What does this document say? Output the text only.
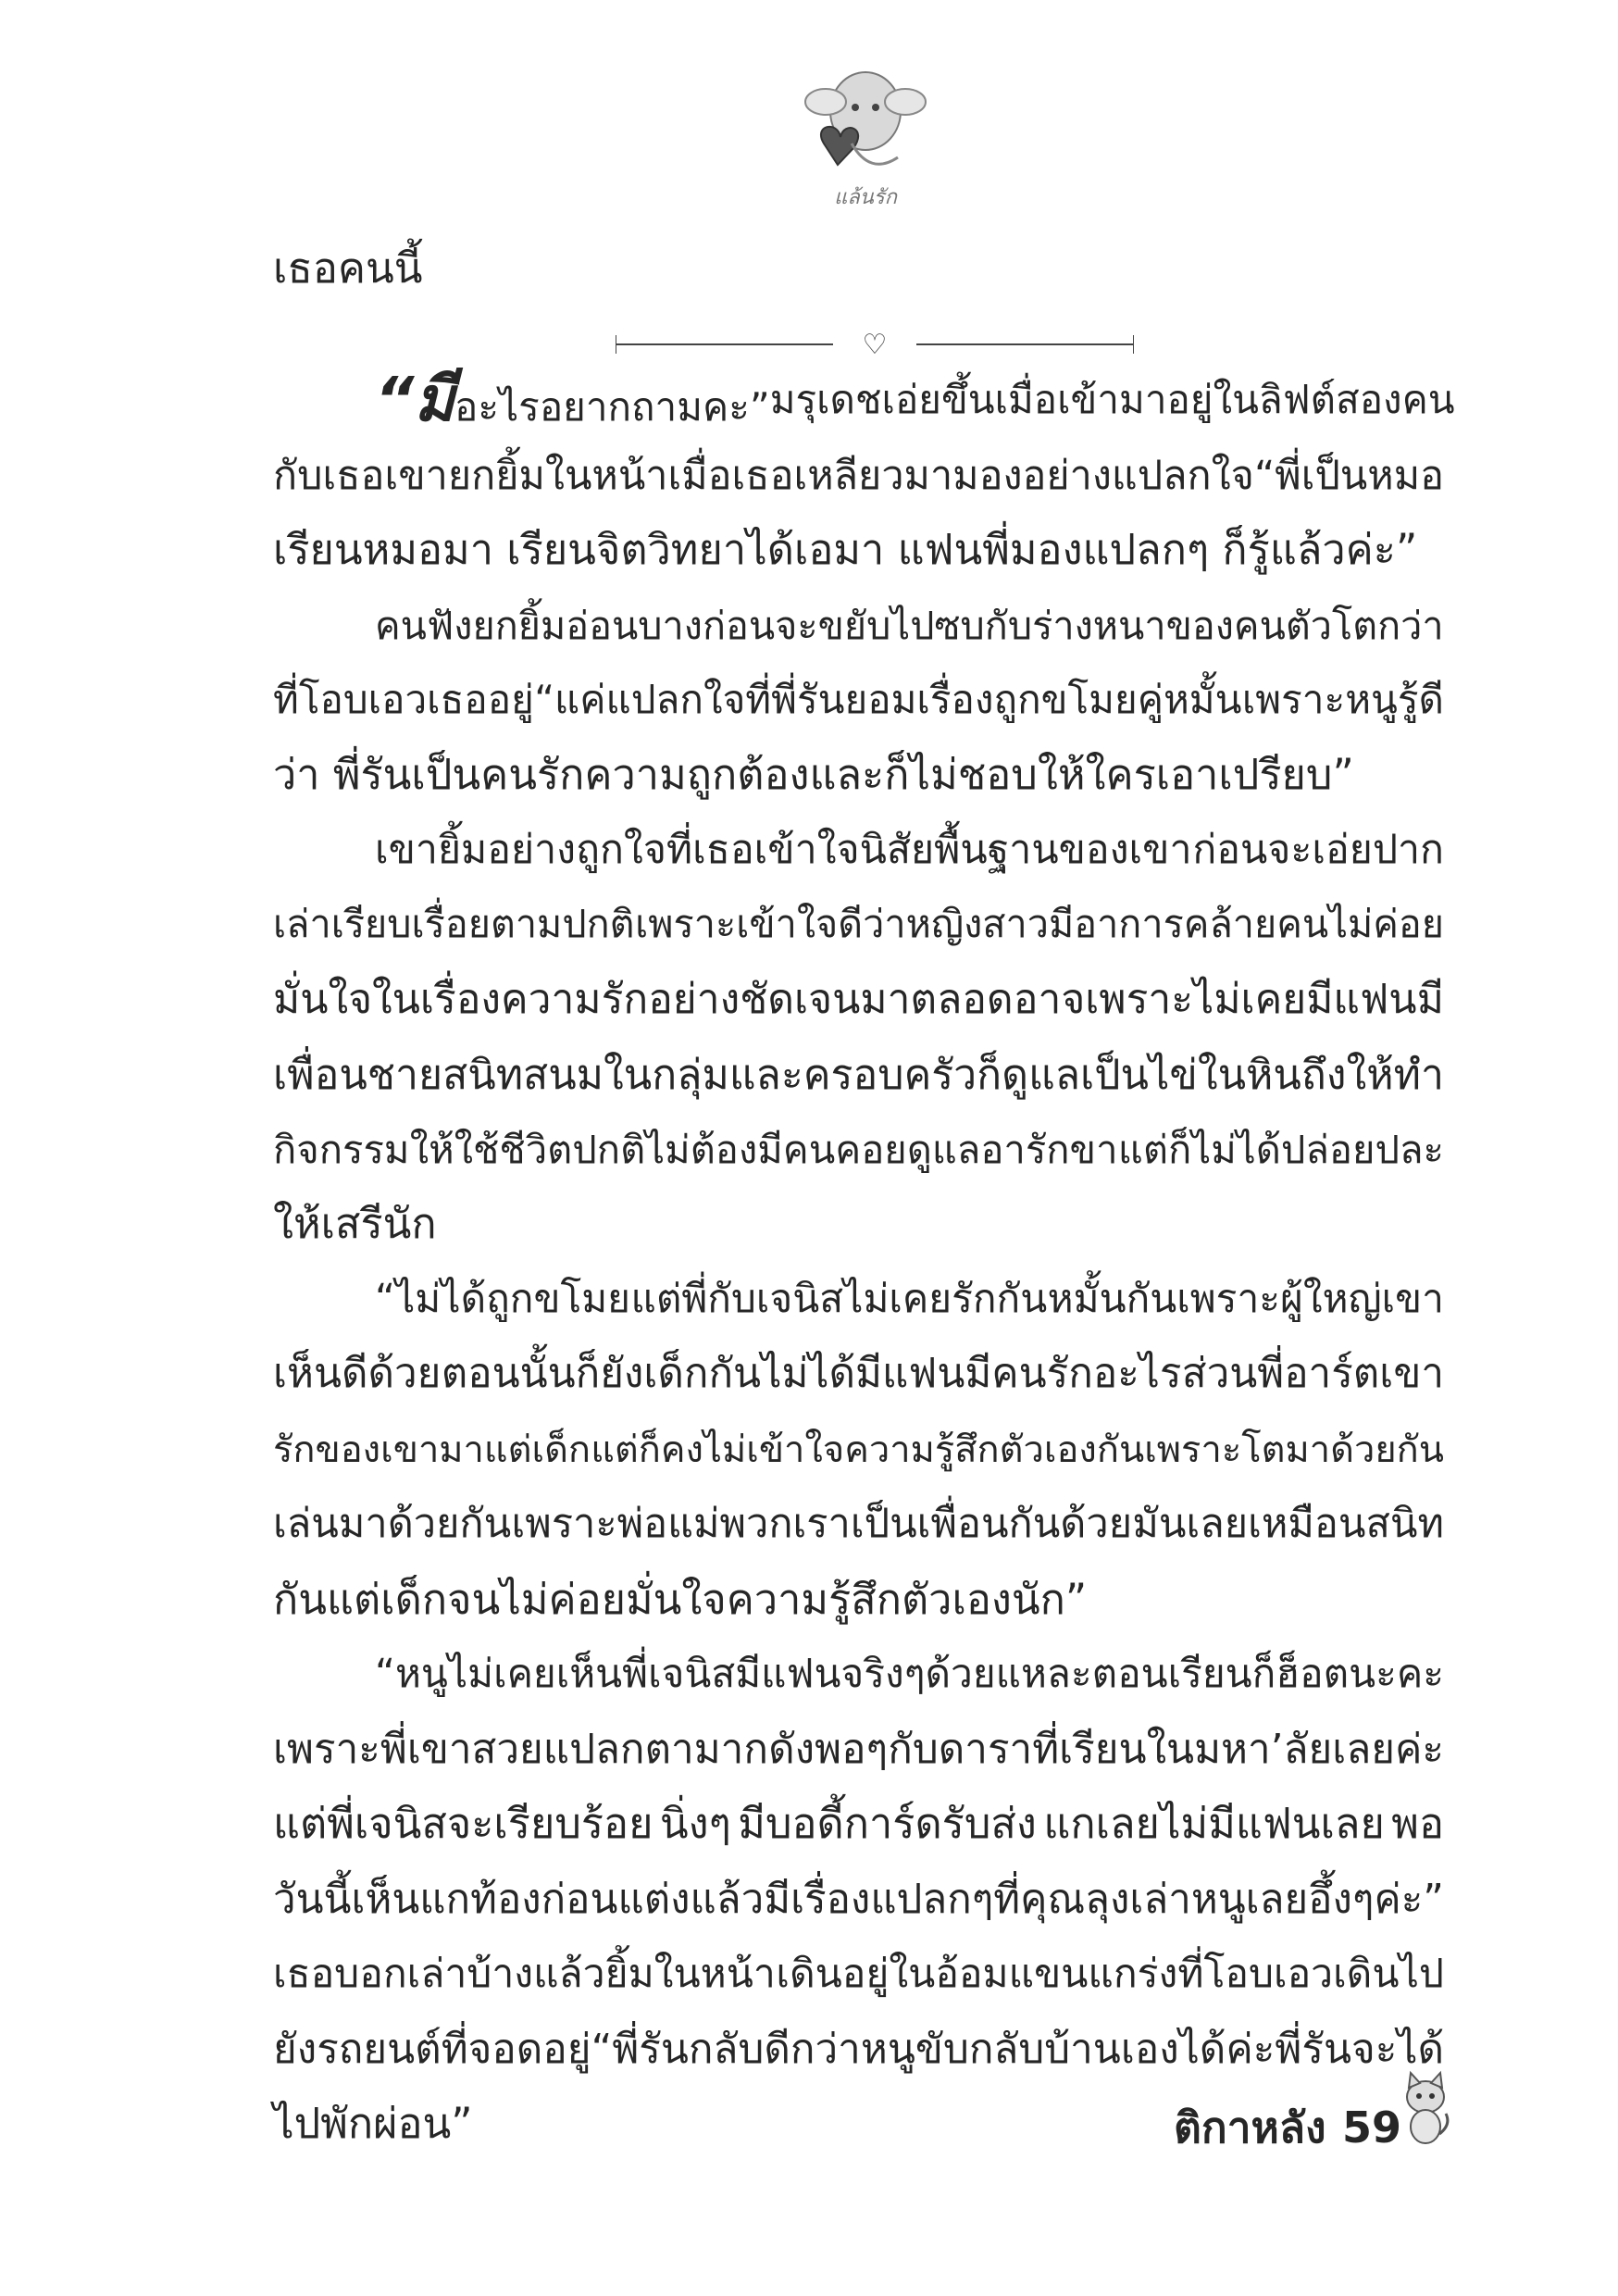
แล้นรัก
เธอคนนี้
♡
“มี อะไรอยากถามคะ” มรุเดชเอ่ยขึ้นเมื่อเข้ามาอยู่ในลิฟต์สองคน
กับเธอ เขายกยิ้มในหน้าเมื่อเธอเหลียวมามองอย่างแปลกใจ “พี่เป็นหมอ
เรียนหมอมา เรียนจิตวิทยาได้เอมา แฟนพี่มองแปลกๆ ก็รู้แล้วค่ะ”
คนฟังยกยิ้มอ่อนบางก่อนจะขยับไปซบกับร่างหนาของคนตัวโตกว่า
ที่โอบเอวเธออยู่ “แค่แปลกใจที่พี่รันยอมเรื่องถูกขโมยคู่หมั้น เพราะหนูรู้ดี
ว่า พี่รันเป็นคนรักความถูกต้องและก็ไม่ชอบให้ใครเอาเปรียบ”
เขายิ้มอย่างถูกใจที่เธอเข้าใจนิสัยพื้นฐานของเขา ก่อนจะเอ่ยปาก
เล่าเรียบเรื่อยตามปกติ เพราะเข้าใจดีว่าหญิงสาวมีอาการคล้ายคนไม่ค่อย
มั่นใจในเรื่องความรักอย่างชัดเจนมาตลอด อาจเพราะไม่เคยมีแฟน มี
เพื่อนชายสนิทสนมในกลุ่ม และครอบครัวก็ดูแลเป็นไข่ในหิน ถึงให้ทำ
กิจกรรม ให้ใช้ชีวิตปกติไม่ต้องมีคนคอยดูแลอารักขา แต่ก็ไม่ได้ปล่อยปละ
ให้เสรีนัก
“ไม่ได้ถูกขโมย แต่พี่กับเจนิสไม่เคยรักกัน หมั้นกันเพราะผู้ใหญ่เขา
เห็นดีด้วย ตอนนั้นก็ยังเด็กกัน ไม่ได้มีแฟนมีคนรักอะไร ส่วนพี่อาร์ตเขา
รักของเขามาแต่เด็ก แต่ก็คงไม่เข้าใจความรู้สึกตัวเองกันเพราะโตมาด้วยกัน
เล่นมาด้วยกัน เพราะพ่อแม่พวกเราเป็นเพื่อนกันด้วย มันเลยเหมือนสนิท
กันแต่เด็กจนไม่ค่อยมั่นใจความรู้สึกตัวเองนัก”
“หนูไม่เคยเห็นพี่เจนิสมีแฟนจริงๆ ด้วยแหละ ตอนเรียนก็ฮ็อตนะคะ
เพราะพี่เขาสวยแปลกตามาก ดังพอๆ กับดาราที่เรียนในมหา’ลัยเลยค่ะ
แต่พี่เจนิสจะเรียบร้อย นิ่งๆ มีบอดี้การ์ดรับส่ง แกเลยไม่มีแฟนเลย พอ
วันนี้เห็นแกท้องก่อนแต่งแล้วมีเรื่องแปลกๆ ที่คุณลุงเล่า หนูเลยอึ้งๆ ค่ะ”
เธอบอกเล่าบ้างแล้วยิ้มในหน้า เดินอยู่ในอ้อมแขนแกร่งที่โอบเอวเดินไป
ยังรถยนต์ที่จอดอยู่ “พี่รันกลับดีกว่า หนูขับกลับบ้านเองได้ค่ะ พี่รันจะได้
ไปพักผ่อน”	ติกาหลัง 59
